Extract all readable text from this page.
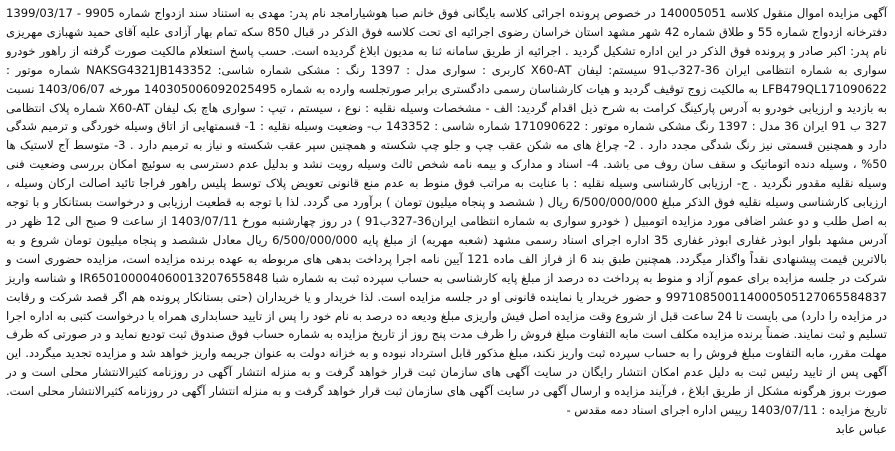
آگهی مزایده اموال منقول کلاسه 140005051 در خصوص پرونده اجرائی کلاسه بایگانی فوق خانم صبا هوشیارامجد نام پدر: مهدی به استناد سند ازدواج شماره 9905 - 1399/03/17 دفترخانه ازدواج شماره 55 و طلاق شماره 42 شهر مشهد استان خراسان رضوی اجرائیه ای تحت کلاسه فوق الذکر در قبال 850 سکه تمام بهار آزادی علیه آقای حمید شهبازی مهریزی نام پدر: اکبر صادر و پرونده فوق الذکر در این اداره تشکیل گردید . اجرائیه از طریق سامانه ثنا به مدیون ابلاغ گردیده است. حسب پاسخ استعلام مالکیت صورت گرفته از راهور خودرو سواری به شماره انتظامی ایران 36-327ب91 سیستم: لیفان X60-AT کاربری : سواری مدل : 1397 رنگ : مشکی شماره شاسی: NAKSG4321JB143352 شماره موتور : LFB479QL171090622 به مالکیت زوج توقیف گردید و هیات کارشناسان رسمی دادگستری برابر صورتجلسه وارده به شماره 140305006092025495 مورخه 1403/06/07 نسبت به بازدید و ارزیابی خودرو به آدرس پارکینگ کرامت به شرح ذیل اقدام گردید: الف - مشخصات وسیله نقلیه : نوع ، سیستم ، تیپ : سواری هاچ بک لیفان X60-AT شماره پلاک انتظامی 327 ب 91 ایران 36 مدل : 1397 رنگ مشکی شماره موتور : 171090622 شماره شاسی : 143352 ب- وضعیت وسیله نقلیه : 1- قسمتهایی از اتاق وسیله خوردگی و ترمیم شدگی دارد و همچنین قسمتی نیز رنگ شدگی مجدد دارد . 2- چراغ های مه شکن عقب چپ و جلو چپ شکسته و همچنین سپر عقب شکسته و نیاز به ترمیم دارد . 3- متوسط آج لاستیک ها 50% ، وسیله دنده اتوماتیک و سقف سان روف می باشد. 4- اسناد و مدارک و بیمه نامه شخص ثالث وسیله رویت نشد و بدلیل عدم دسترسی به سوئیچ امکان بررسی وضعیت فنی وسیله نقلیه مقدور نگردید . ج- ارزیابی کارشناسی وسیله نقلیه : با عنایت به مراتب فوق منوط به عدم منع قانونی تعویض پلاک توسط پلیس راهور فراجا تائید اصالت ارکان وسیله ، ارزیابی کارشناسی وسیله نقلیه فوق الذکر مبلغ 6/500/000/000 ریال ( ششصد و پنجاه میلیون تومان ) برآورد می گردد. لذا با توجه به قطعیت ارزیابی و درخواست بستانکار و با توجه به اصل طلب و دو عشر اضافی مورد مزایده اتومبیل ( خودرو سواری به شماره انتظامی ایران36-327ب91 ) در روز چهارشنبه مورخ 1403/07/11 از ساعت 9 صبح الی 12 ظهر در آدرس مشهد بلوار ابوذر غفاری ابوذر غفاری 35 اداره اجرای اسناد رسمی مشهد (شعبه مهریه) از مبلغ پایه 6/500/000/000 ریال معادل ششصد و پنجاه میلیون تومان شروع و به بالاترین قیمت پیشنهادی نقداً واگذار میگردد. همچنین طبق بند 6 از فراز الف ماده 121 آیین نامه اجرا پرداخت بدهی های مربوطه به عهده برنده مزایده است، مزایده حضوری است و شرکت در جلسه مزایده برای عموم آزاد و منوط به پرداخت ده درصد از مبلغ پایه کارشناسی به حساب سپرده ثبت به شماره شبا IR650100004060013207655848 و شناسه واریز 997108500114000505127065584837 و حضور خریدار یا نماینده قانونی او در جلسه مزایده است. لذا خریدار و یا خریداران (حتی بستانکار پرونده هم اگر قصد شرکت و رقابت در مزایده را دارد) می بایست تا 24 ساعت قبل از شروع وقت مزایده اصل فیش واریزی مبلغ ودیعه ده درصد به نام خود را پس از تایید حسابداری همراه با درخواست کتبی به اداره اجرا تسلیم و ثبت نمایند. ضمناً برنده مزایده مکلف است مابه التفاوت مبلغ فروش را ظرف مدت پنج روز از تاریخ مزایده به شماره حساب فوق صندوق ثبت تودیع نماید و در صورتی که ظرف مهلت مقرر، مابه التفاوت مبلغ فروش را به حساب سپرده ثبت واریز نکند، مبلغ مذکور قابل استرداد نبوده و به خزانه دولت به عنوان جریمه واریز خواهد شد و مزایده تجدید میگردد. این آگهی پس از تایید رئیس ثبت به دلیل عدم امکان انتشار رایگان در سایت آگهی های سازمان ثبت قرار خواهد گرفت و به منزله انتشار آگهی در روزنامه کثیرالانتشار محلی است و در صورت بروز هرگونه مشکل از طریق ابلاغ ، فرآیند مزایده و ارسال آگهی در سایت آگهی های سازمان ثبت قرار خواهد گرفت و به منزله انتشار آگهی در روزنامه کثیرالانتشار محلی است. تاریخ مزایده : 1403/07/11 رییس اداره اجرای اسناد دمه مقدس -

عباس عابد
